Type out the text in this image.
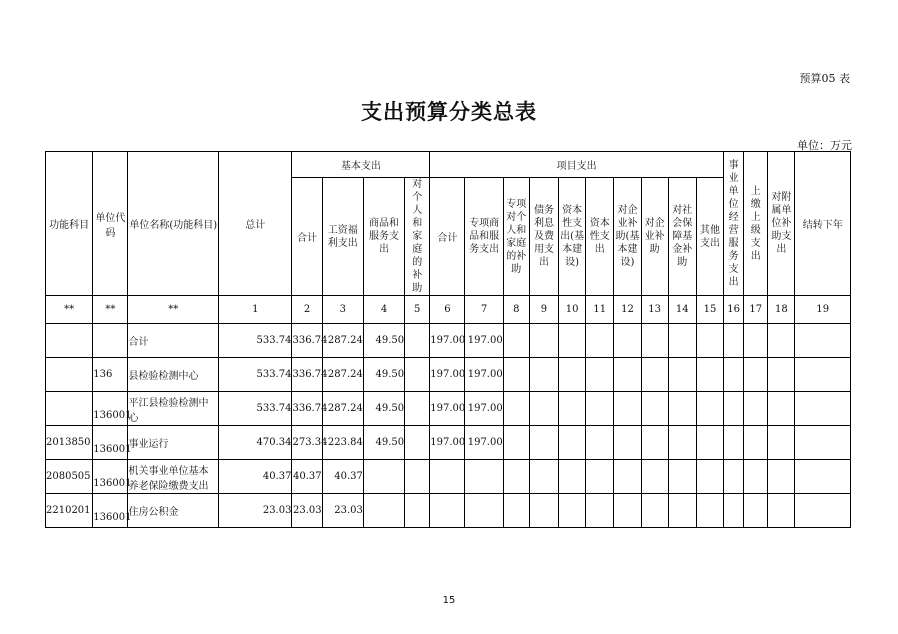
预算05 表
支出预算分类总表
单位：万元
功能科目	单位代码	单位名称(功能科目)	总计	基本支出				项目支出										事业单位经营服务支出	上缴上级支出	对附属单位补助支出	结转下年
				合计	工资福利支出	商品和服务支出	对个人和家庭的补助	合计	专项商品和服务支出	专项对个人和家庭的补助	债务利息及费用支出	资本性支出(基本建设)	资本性支出	对企业补助(基本建设)	对企业补助	对社会保障基金补助	其他支出				
**	**	**	1	2	3	4	5	6	7	8	9	10	11	12	13	14	15	16	17	18	19
		合计	533.74	336.74	287.24	49.50		197.00	197.00												
	136	县检验检测中心	533.74	336.74	287.24	49.50		197.00	197.00												
	136001	平江县检验检测中心	533.74	336.74	287.24	49.50		197.00	197.00												
2013850	136001	事业运行	470.34	273.34	223.84	49.50		197.00	197.00												
2080505	136001	机关事业单位基本养老保险缴费支出	40.37	40.37	40.37																
2210201	136001	住房公积金	23.03	23.03	23.03																
15
